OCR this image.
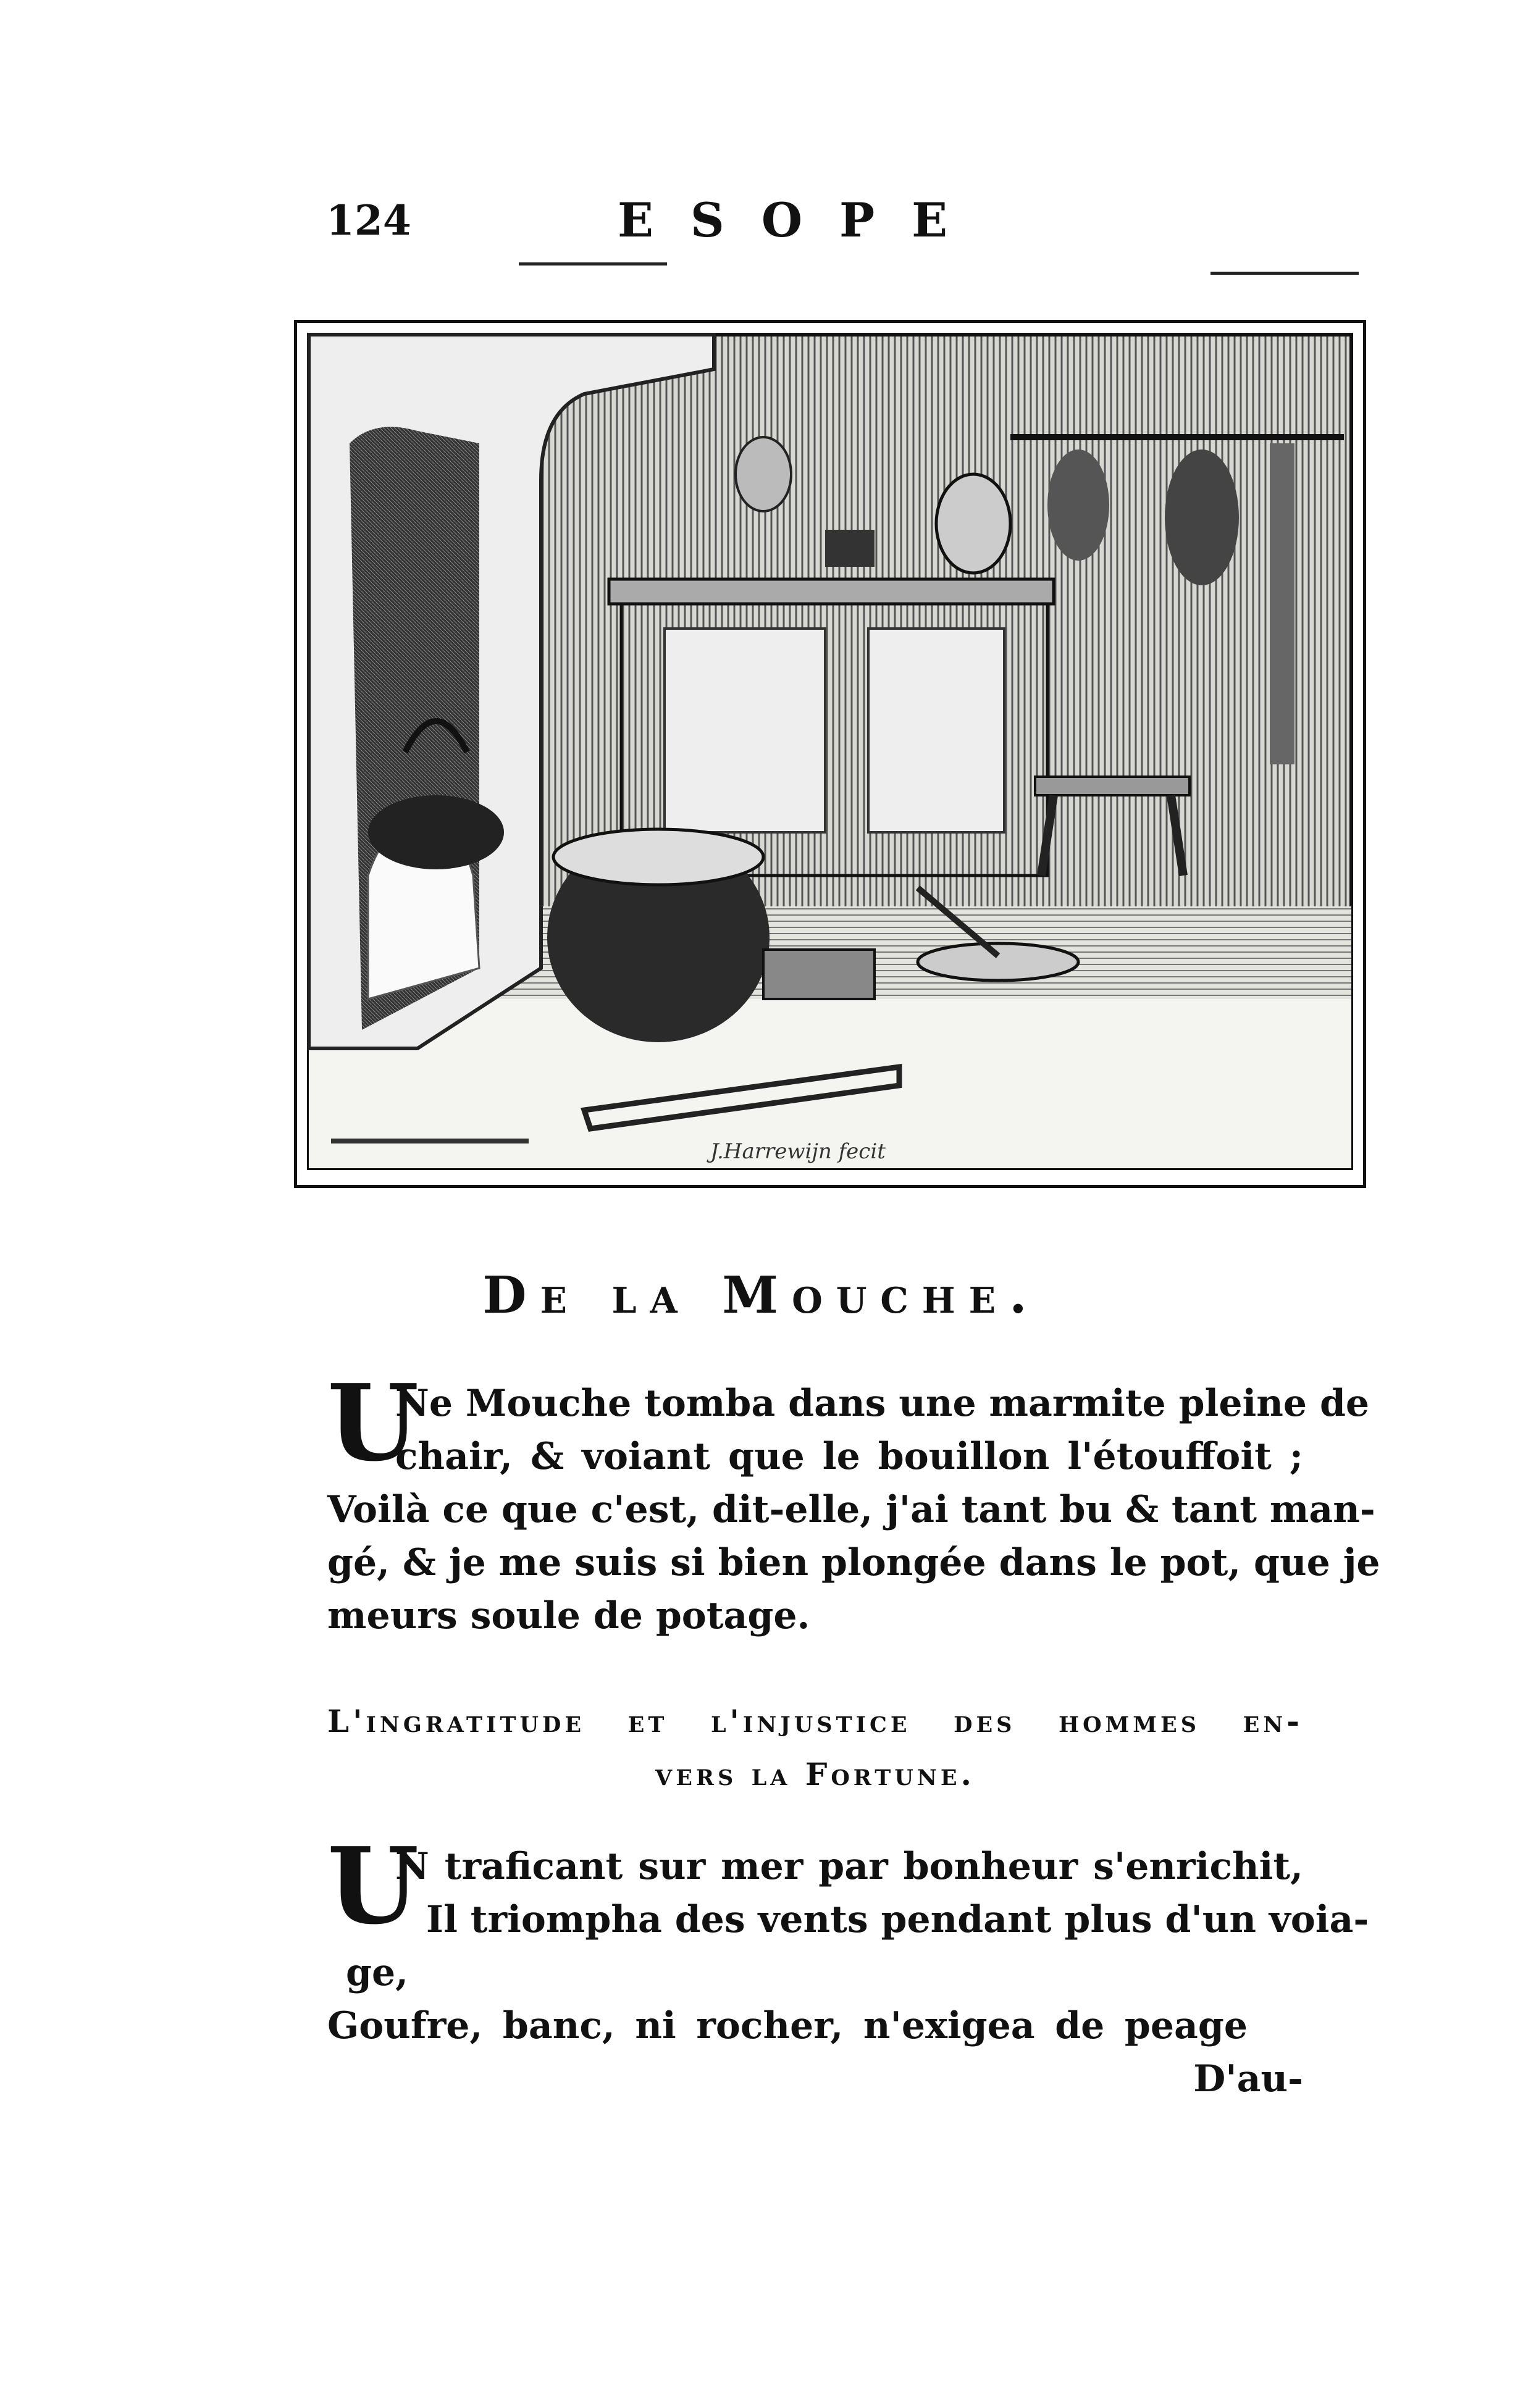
124	ESOPE
J.Harrewijn fecit
De la Mouche.
U
Ne Mouche tomba dans une marmite pleine de
chair, & voiant que le bouillon l'étouffoit ;
Voilà ce que c'est, dit-elle, j'ai tant bu & tant man-
gé, & je me suis si bien plongée dans le pot, que je
meurs soule de potage.
L'ingratitude et l'injustice des hommes en-
vers la Fortune.
U
N traficant sur mer par bonheur s'enrichit,
Il triompha des vents pendant plus d'un voia-
ge,
Goufre, banc, ni rocher, n'exigea de peage
D'au-
